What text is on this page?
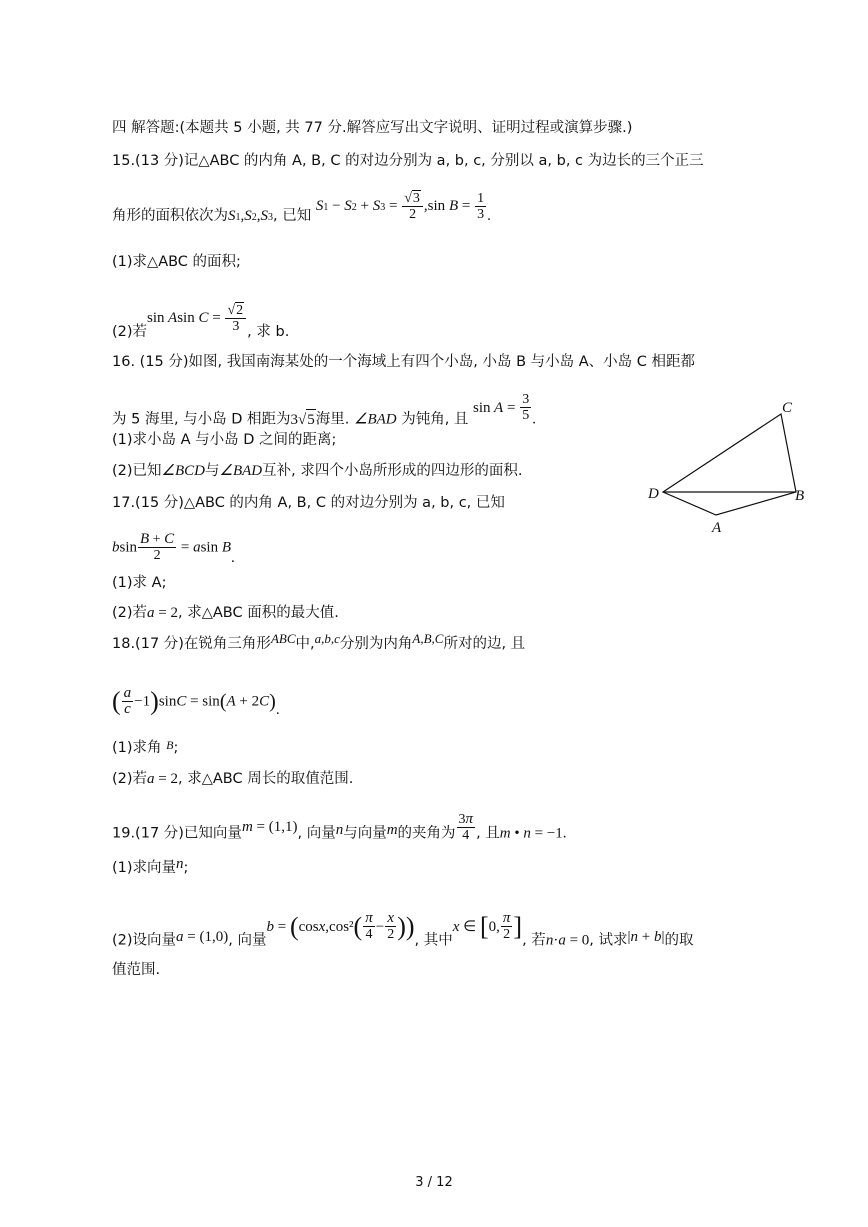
四 解答题:(本题共 5 小题, 共 77 分.解答应写出文字说明、证明过程或演算步骤.)
15.(13 分)记△ABC 的内角 A, B, C 的对边分别为 a, b, c, 分别以 a, b, c 为边长的三个正三
角形的面积依次为S1,S2,S3, 已知 $S1 - S2 + S3 = \frac{√3}{2} ,\sin$ $B = \frac{1}{3}$ .
(1)求△ABC 的面积;
(2)若sin Asin $C = \frac{√2}{3}$ , 求 b.
16. (15 分)如图, 我国南海某处的一个海域上有四个小岛, 小岛 B 与小岛 A、小岛 C 相距都
为 5 海里, 与小岛 D 相距为3√5海里. ∠BAD 为钝角, 且 $\sin A = \frac{3}{5}$ .
(1)求小岛 A 与小岛 D 之间的距离;
(2)已知∠BCD与∠BAD互补, 求四个小岛所形成的四边形的面积.
C
D	B
A
17.(15 分)△ABC 的内角 A, B, C 的对边分别为 a, b, c, 已知
bsin $\frac{B + C}{2} = asin$ B.
(1)求 A;
(2)若a = 2, 求△ABC 面积的最大值.
18.(17 分)在锐角三角形ABC中,a,b,c分别为内角A,B,C所对的边, 且
( $\frac{a}{c} -1)\sin C = \sin(A + 2C)$.
(1)求角 $^B$;
(2)若a = 2, 求△ABC 周长的取值范围.
19.(17 分)已知向量m = (1,1), 向量n与向量m的夹角为 $\frac{3\pi}{4}$ , 且m • n = −1.
(1)求向量n;
(2)设向量a = (1,0), 向量$b = (\cos x,\cos^2( \frac{\pi}{4} - \frac{x}{2}$ )), 其中x ∈ [0, $\frac{\pi}{2}$ ], 若n·a = 0, 试求|n + b|的取
值范围.
3 / 12
